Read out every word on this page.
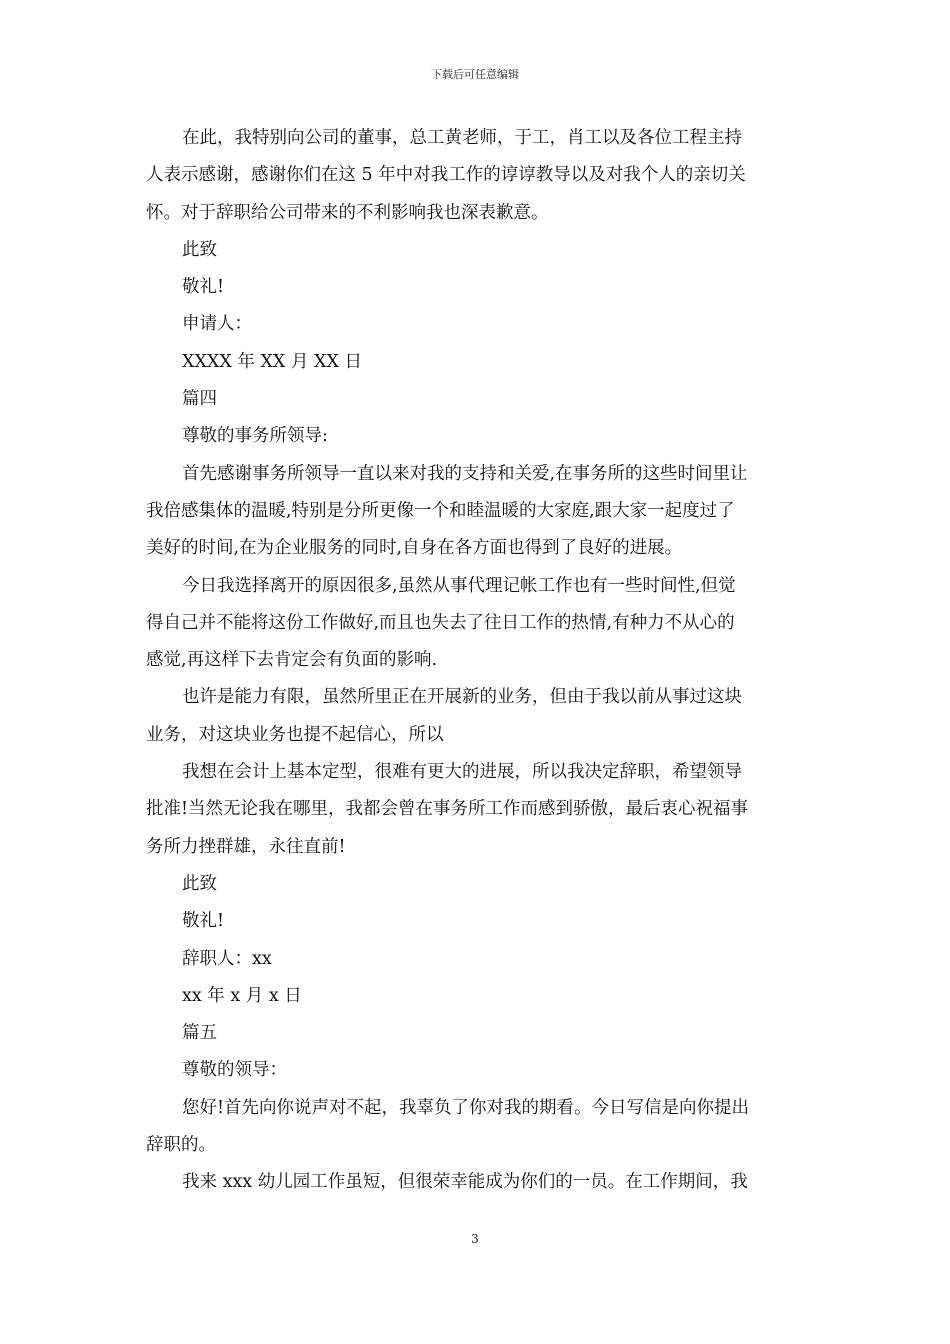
下载后可任意编辑
在此，我特别向公司的董事，总工黄老师，于工，肖工以及各位工程主持
人表示感谢，感谢你们在这 5 年中对我工作的谆谆教导以及对我个人的亲切关
怀。对于辞职给公司带来的不利影响我也深表歉意。
此致
敬礼!
申请人：
XXXX 年 XX 月 XX 日
篇四
尊敬的事务所领导:
首先感谢事务所领导一直以来对我的支持和关爱,在事务所的这些时间里让
我倍感集体的温暖,特别是分所更像一个和睦温暖的大家庭,跟大家一起度过了
美好的时间,在为企业服务的同时,自身在各方面也得到了良好的进展。
今日我选择离开的原因很多,虽然从事代理记帐工作也有一些时间性,但觉
得自己并不能将这份工作做好,而且也失去了往日工作的热情,有种力不从心的
感觉,再这样下去肯定会有负面的影响.
也许是能力有限，虽然所里正在开展新的业务，但由于我以前从事过这块
业务，对这块业务也提不起信心，所以
我想在会计上基本定型，很难有更大的进展，所以我决定辞职，希望领导
批准!当然无论我在哪里，我都会曾在事务所工作而感到骄傲，最后衷心祝福事
务所力挫群雄，永往直前!
此致
敬礼!
辞职人：xx
xx 年 x 月 x 日
篇五
尊敬的领导：
您好!首先向你说声对不起，我辜负了你对我的期看。今日写信是向你提出
辞职的。
我来 xxx 幼儿园工作虽短，但很荣幸能成为你们的一员。在工作期间，我
3
